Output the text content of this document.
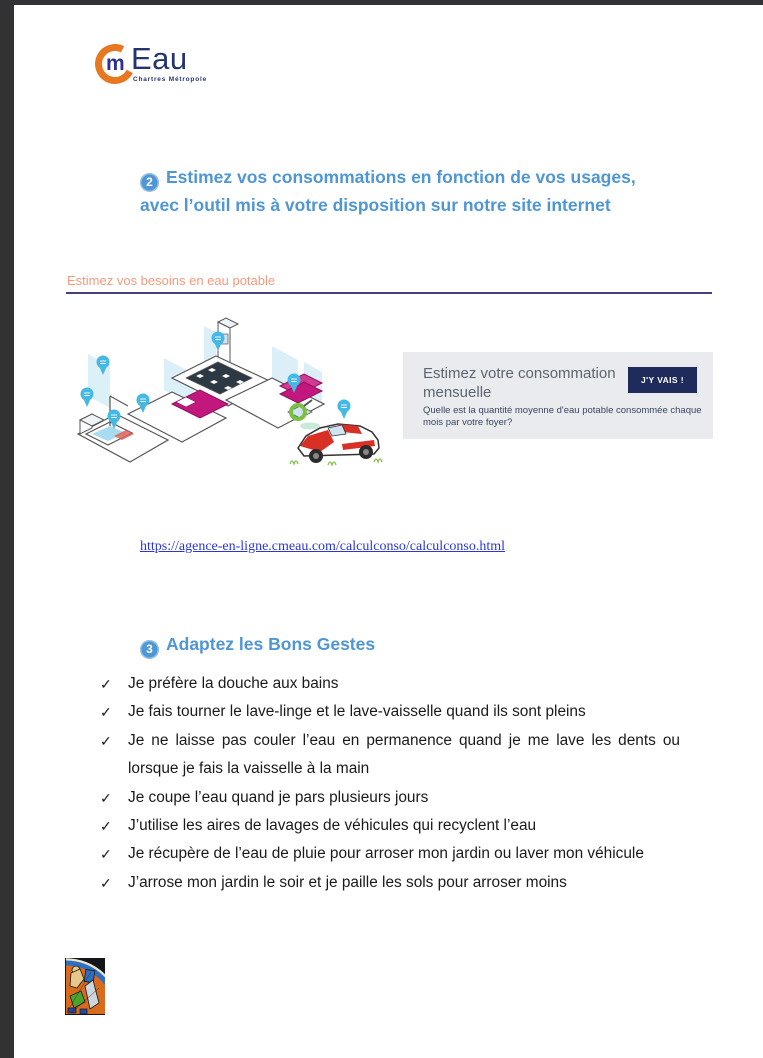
m Eau
Chartres Métropole
2 Estimez vos consommations en fonction de vos usages, avec l’outil mis à votre disposition sur notre site internet
Estimez vos besoins en eau potable
Estimez votre consommation mensuelle
J'Y VAIS !
Quelle est la quantité moyenne d'eau potable consommée chaque mois par votre foyer?
https://agence-en-ligne.cmeau.com/calculconso/calculconso.html
3 Adaptez les Bons Gestes
✓	Je préfère la douche aux bains
✓	Je fais tourner le lave-linge et le lave-vaisselle quand ils sont pleins
✓	Je ne laisse pas couler l’eau en permanence quand je me lave les dents ou lorsque je fais la vaisselle à la main
✓	Je coupe l’eau quand je pars plusieurs jours
✓	J’utilise les aires de lavages de véhicules qui recyclent l’eau
✓	Je récupère de l’eau de pluie pour arroser mon jardin ou laver mon véhicule
✓	J’arrose mon jardin le soir et je paille les sols pour arroser moins
